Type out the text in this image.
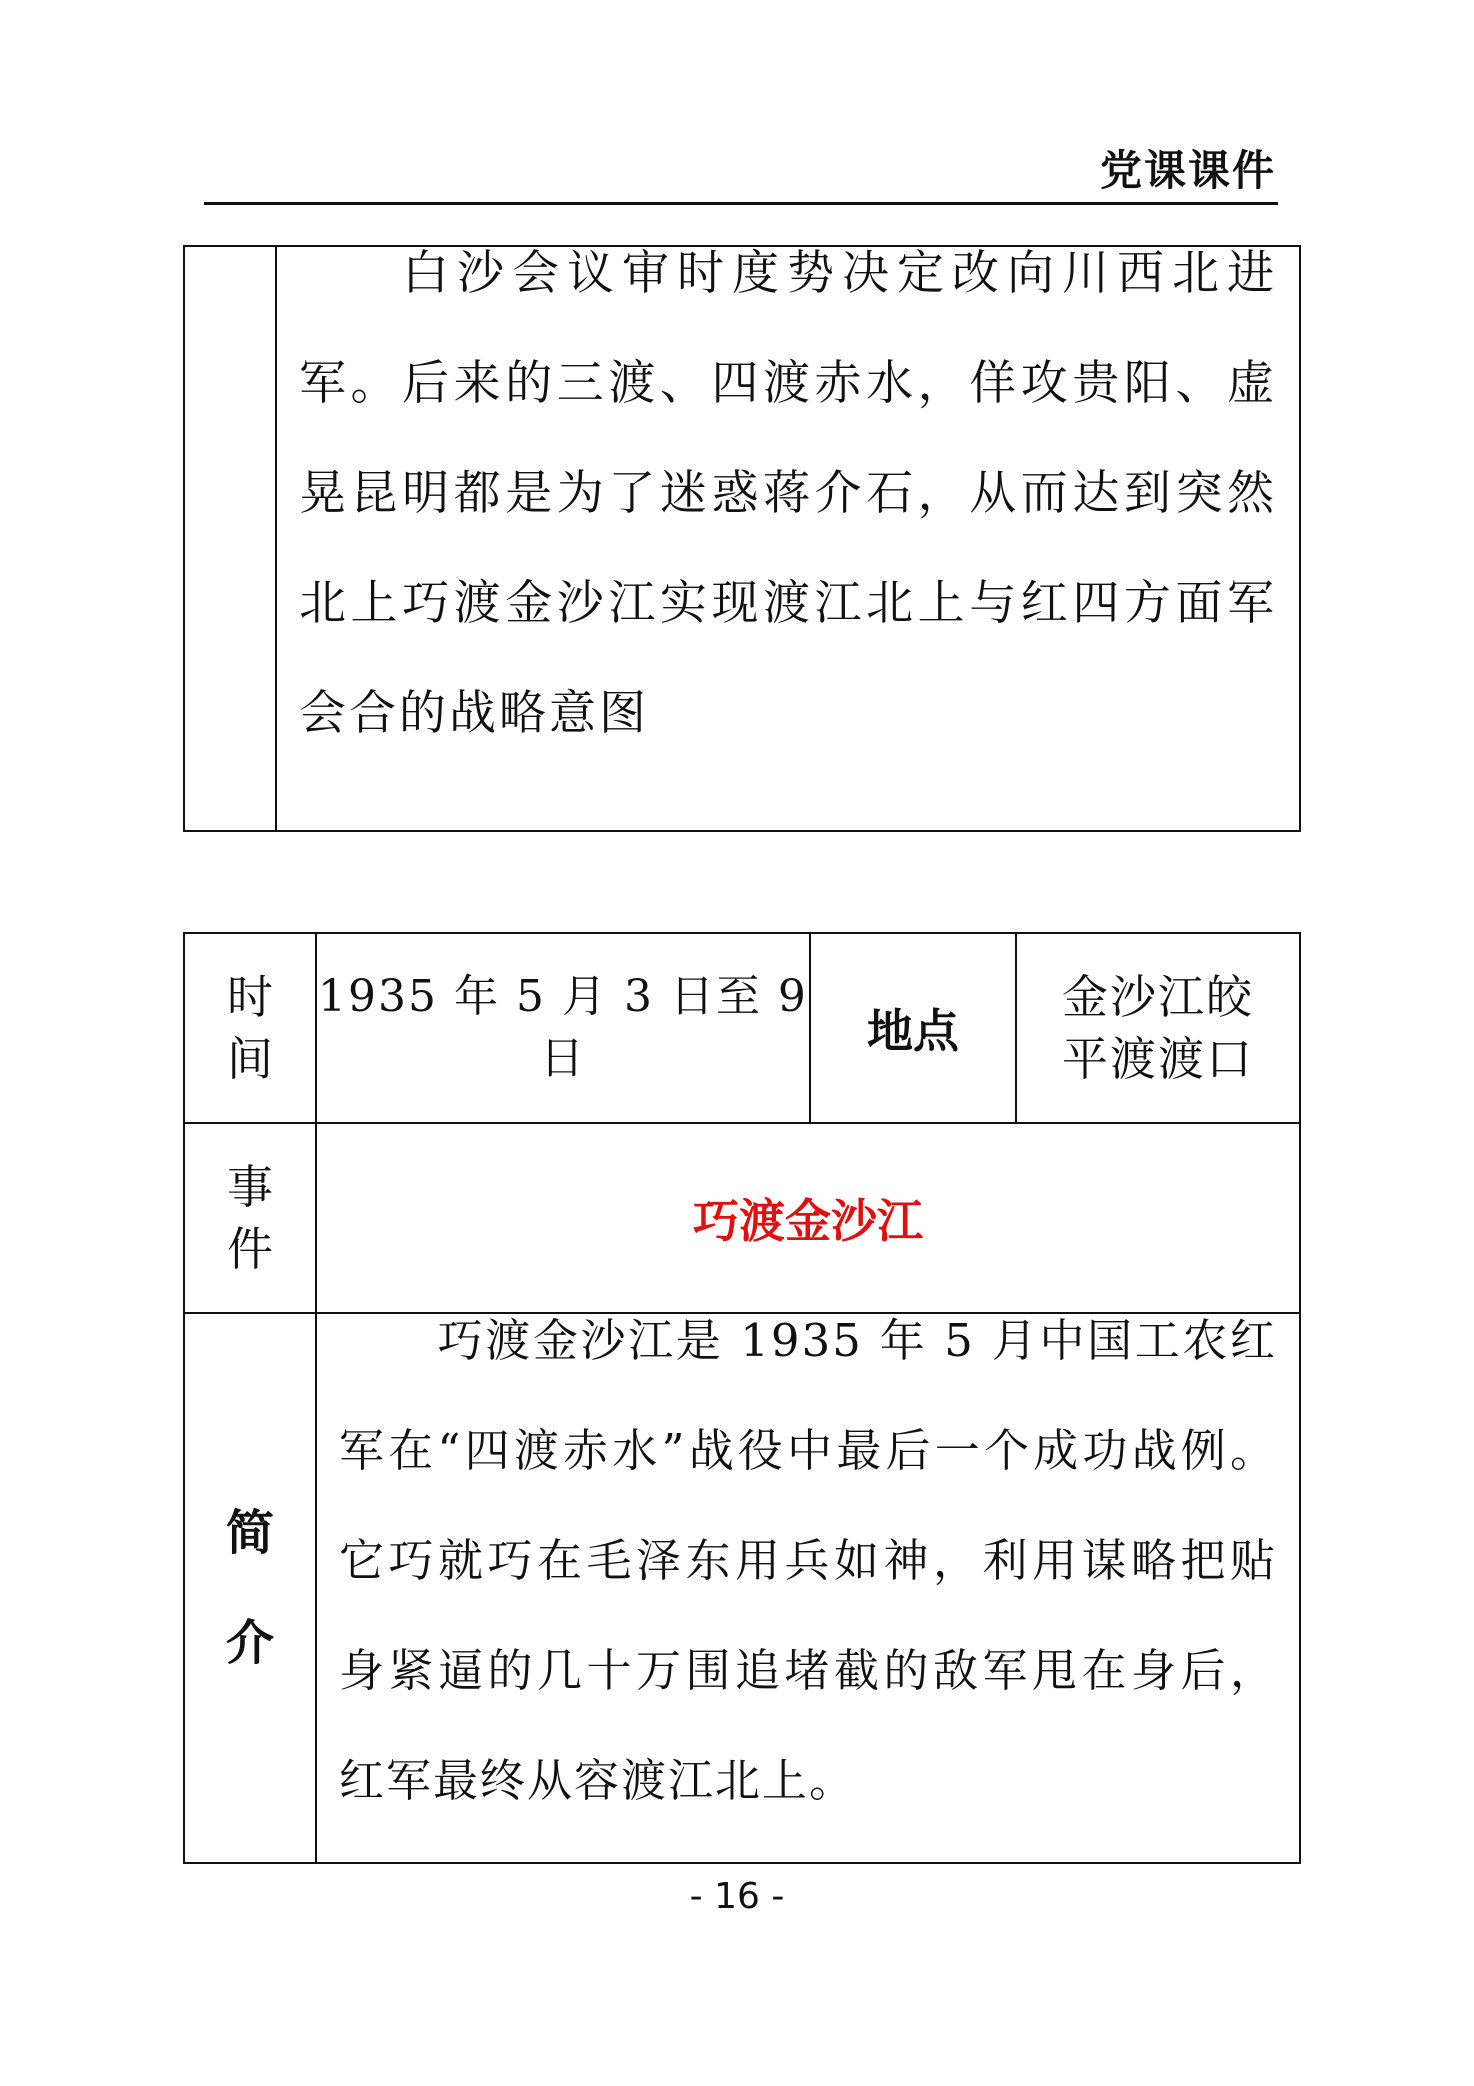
党课课件

白沙会议审时度势决定改向川西北进军。后来的三渡、四渡赤水，佯攻贵阳、虚晃昆明都是为了迷惑蒋介石，从而达到突然北上巧渡金沙江实现渡江北上与红四方面军会合的战略意图
时间	1935 年 5 月 3 日至 9 日	地点	金沙江皎平渡渡口
事件	巧渡金沙江		
简介	巧渡金沙江是 1935 年 5 月中国工农红军在“四渡赤水”战役中最后一个成功战例。它巧就巧在毛泽东用兵如神，利用谋略把贴身紧逼的几十万围追堵截的敌军甩在身后，红军最终从容渡江北上。		
- 16 -
